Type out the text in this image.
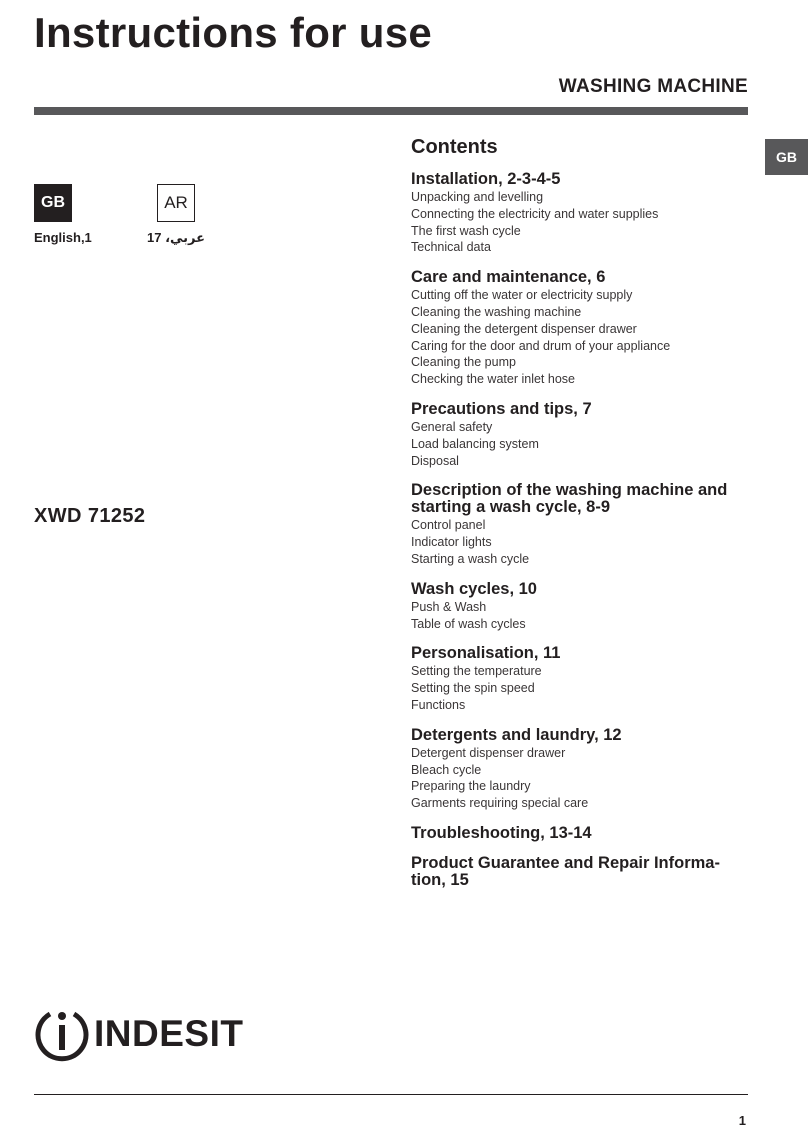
Instructions for use
WASHING MACHINE
GB
GB
English,1
AR
عربي، 17
XWD 71252
Contents
Installation, 2-3-4-5
Unpacking and levelling
Connecting the electricity and water supplies
The first wash cycle
Technical data
Care and maintenance, 6
Cutting off the water or electricity supply
Cleaning the washing machine
Cleaning the detergent dispenser drawer
Caring for the door and drum of your appliance
Cleaning the pump
Checking the water inlet hose
Precautions and tips, 7
General safety
Load balancing system
Disposal
Description of the washing machine and starting a wash cycle, 8-9
Control panel
Indicator lights
Starting a wash cycle
Wash cycles, 10
Push & Wash
Table of wash cycles
Personalisation, 11
Setting the temperature
Setting the spin speed
Functions
Detergents and laundry, 12
Detergent dispenser drawer
Bleach cycle
Preparing the laundry
Garments requiring special care
Troubleshooting, 13-14
Product Guarantee and Repair Informa-tion, 15
INDESIT
1
